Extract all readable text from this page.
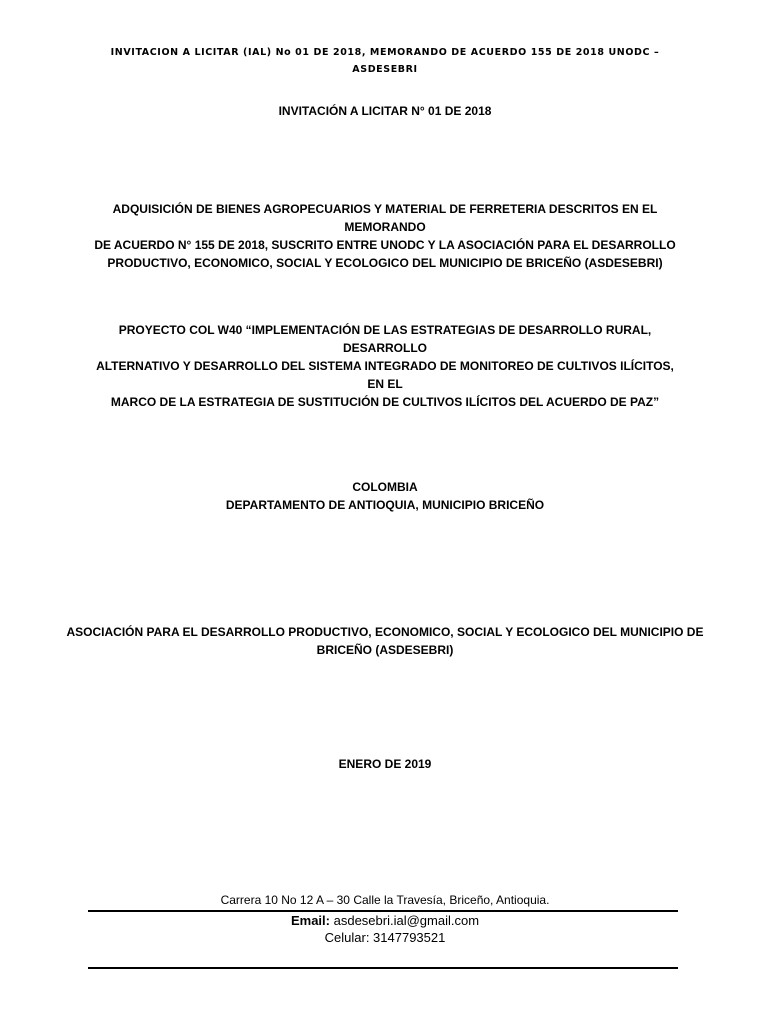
INVITACION A LICITAR (IAL) No 01 DE 2018, MEMORANDO DE ACUERDO 155 DE 2018 UNODC –
ASDESEBRI
INVITACIÓN A LICITAR N° 01 DE 2018
ADQUISICIÓN DE BIENES AGROPECUARIOS Y MATERIAL DE FERRETERIA DESCRITOS EN EL MEMORANDO
DE ACUERDO N° 155 DE 2018, SUSCRITO ENTRE UNODC Y LA ASOCIACIÓN PARA EL DESARROLLO
PRODUCTIVO, ECONOMICO, SOCIAL Y ECOLOGICO DEL MUNICIPIO DE BRICEÑO (ASDESEBRI)
PROYECTO COL W40 “IMPLEMENTACIÓN DE LAS ESTRATEGIAS DE DESARROLLO RURAL, DESARROLLO
ALTERNATIVO Y DESARROLLO DEL SISTEMA INTEGRADO DE MONITOREO DE CULTIVOS ILÍCITOS, EN EL
MARCO DE LA ESTRATEGIA DE SUSTITUCIÓN DE CULTIVOS ILÍCITOS DEL ACUERDO DE PAZ”
COLOMBIA
DEPARTAMENTO DE ANTIOQUIA, MUNICIPIO BRICEÑO
ASOCIACIÓN PARA EL DESARROLLO PRODUCTIVO, ECONOMICO, SOCIAL Y ECOLOGICO DEL MUNICIPIO DE
BRICEÑO (ASDESEBRI)
ENERO DE 2019
Carrera 10 No 12 A – 30 Calle la Travesía, Briceño, Antioquia.
Email: asdesebri.ial@gmail.com
Celular: 3147793521
